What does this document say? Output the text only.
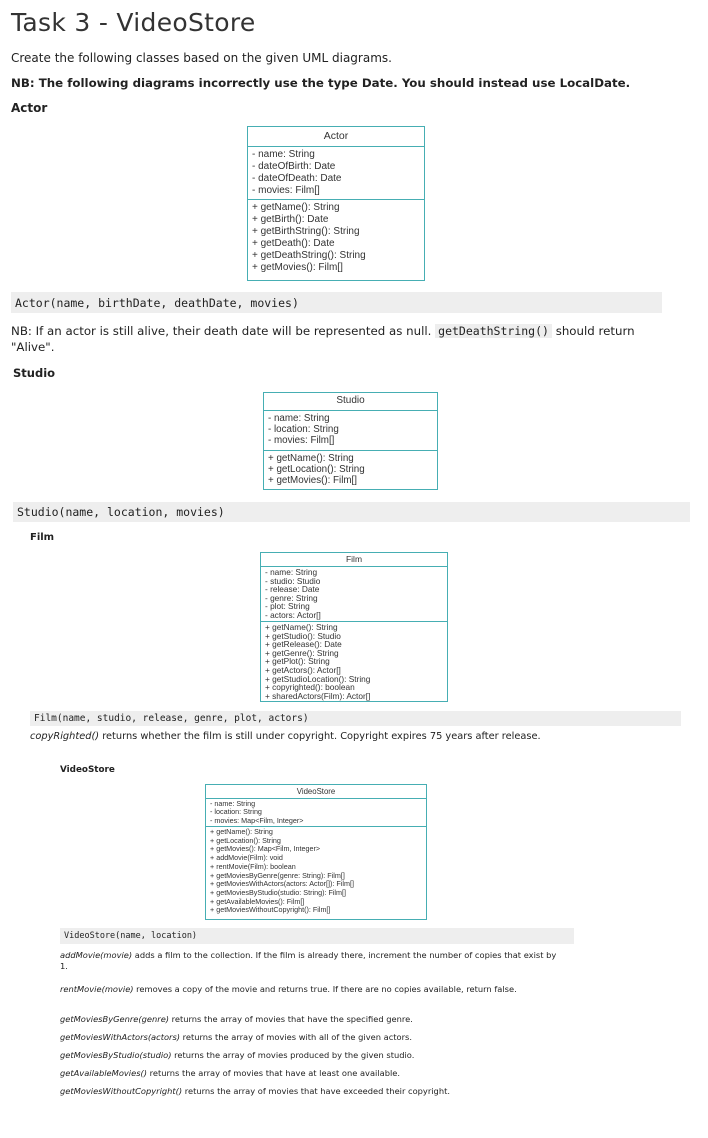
Task 3 - VideoStore
Create the following classes based on the given UML diagrams.
NB: The following diagrams incorrectly use the type Date. You should instead use LocalDate.
Actor
Actor
- name: String
- dateOfBirth: Date
- dateOfDeath: Date
- movies: Film[]
+ getName(): String
+ getBirth(): Date
+ getBirthString(): String
+ getDeath(): Date
+ getDeathString(): String
+ getMovies(): Film[]
Actor(name, birthDate, deathDate, movies)
NB: If an actor is still alive, their death date will be represented as null. getDeathString() should return "Alive".
Studio
Studio
- name: String
- location: String
- movies: Film[]
+ getName(): String
+ getLocation(): String
+ getMovies(): Film[]
Studio(name, location, movies)
Film
Film
- name: String
- studio: Studio
- release: Date
- genre: String
- plot: String
- actors: Actor[]
+ getName(): String
+ getStudio(): Studio
+ getRelease(): Date
+ getGenre(): String
+ getPlot(): String
+ getActors(): Actor[]
+ getStudioLocation(): String
+ copyrighted(): boolean
+ sharedActors(Film): Actor[]
Film(name, studio, release, genre, plot, actors)
copyRighted() returns whether the film is still under copyright. Copyright expires 75 years after release.
VideoStore
VideoStore
- name: String
- location: String
- movies: Map<Film, Integer>
+ getName(): String
+ getLocation(): String
+ getMovies(): Map<Film, Integer>
+ addMovie(Film): void
+ rentMovie(Film): boolean
+ getMoviesByGenre(genre: String): Film[]
+ getMoviesWithActors(actors: Actor[]): Film[]
+ getMoviesByStudio(studio: String): Film[]
+ getAvailableMovies(): Film[]
+ getMoviesWithoutCopyright(): Film[]
VideoStore(name, location)
addMovie(movie) adds a film to the collection. If the film is already there, increment the number of copies that exist by 1.
rentMovie(movie) removes a copy of the movie and returns true. If there are no copies available, return false.
getMoviesByGenre(genre) returns the array of movies that have the specified genre.
getMoviesWithActors(actors) returns the array of movies with all of the given actors.
getMoviesByStudio(studio) returns the array of movies produced by the given studio.
getAvailableMovies() returns the array of movies that have at least one available.
getMoviesWithoutCopyright() returns the array of movies that have exceeded their copyright.
